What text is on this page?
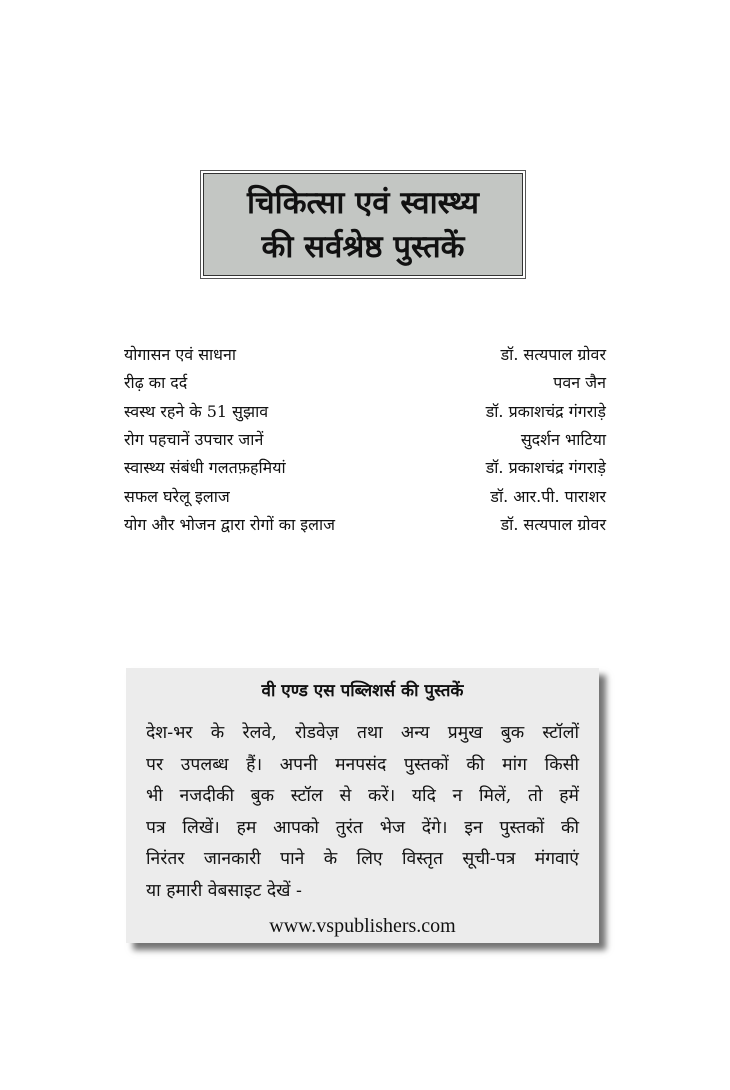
चिकित्सा एवं स्वास्थ्य
की सर्वश्रेष्ठ पुस्तकें
योगासन एवं साधना	डॉ. सत्यपाल ग्रोवर
रीढ़ का दर्द	पवन जैन
स्वस्थ रहने के 51 सुझाव	डॉ. प्रकाशचंद्र गंगराड़े
रोग पहचानें उपचार जानें	सुदर्शन भाटिया
स्वास्थ्य संबंधी गलतफ़हमियां	डॉ. प्रकाशचंद्र गंगराड़े
सफल घरेलू इलाज	डॉ. आर.पी. पाराशर
योग और भोजन द्वारा रोगों का इलाज	डॉ. सत्यपाल ग्रोवर
वी एण्ड एस पब्लिशर्स की पुस्तकें
देश-भर के रेलवे, रोडवेज़ तथा अन्य प्रमुख बुक स्टॉलों
पर उपलब्ध हैं। अपनी मनपसंद पुस्तकों की मांग किसी
भी नजदीकी बुक स्टॉल से करें। यदि न मिलें, तो हमें
पत्र लिखें। हम आपको तुरंत भेज देंगे। इन पुस्तकों की
निरंतर जानकारी पाने के लिए विस्तृत सूची-पत्र मंगवाएं
या हमारी वेबसाइट देखें -
www.vspublishers.com
